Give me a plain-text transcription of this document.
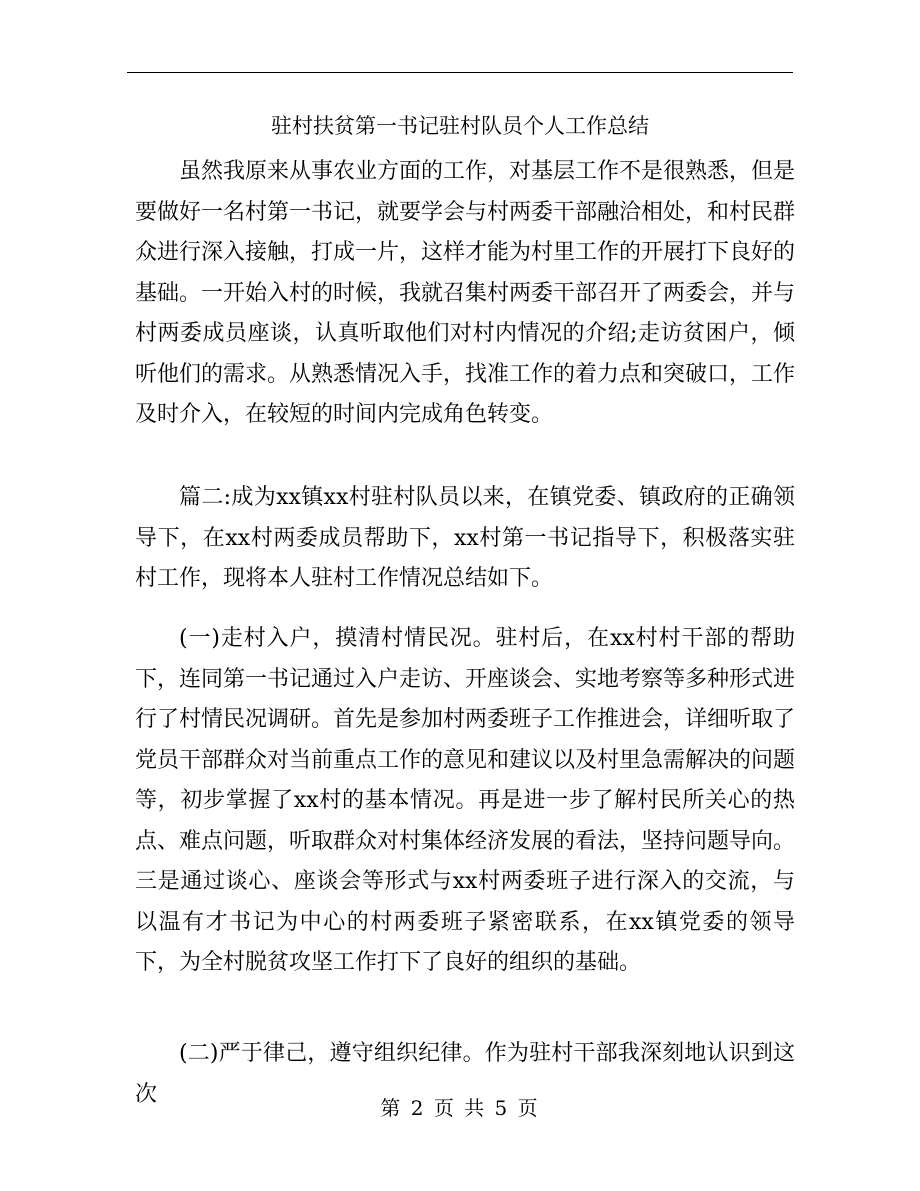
驻村扶贫第一书记驻村队员个人工作总结

虽然我原来从事农业方面的工作，对基层工作不是很熟悉，但是要做好一名村第一书记，就要学会与村两委干部融洽相处，和村民群众进行深入接触，打成一片，这样才能为村里工作的开展打下良好的基础。一开始入村的时候，我就召集村两委干部召开了两委会，并与村两委成员座谈，认真听取他们对村内情况的介绍;走访贫困户，倾听他们的需求。从熟悉情况入手，找准工作的着力点和突破口，工作及时介入，在较短的时间内完成角色转变。

篇二:成为xx镇xx村驻村队员以来，在镇党委、镇政府的正确领导下，在xx村两委成员帮助下，xx村第一书记指导下，积极落实驻村工作，现将本人驻村工作情况总结如下。

(一)走村入户，摸清村情民况。驻村后，在xx村村干部的帮助下，连同第一书记通过入户走访、开座谈会、实地考察等多种形式进行了村情民况调研。首先是参加村两委班子工作推进会，详细听取了党员干部群众对当前重点工作的意见和建议以及村里急需解决的问题等，初步掌握了xx村的基本情况。再是进一步了解村民所关心的热点、难点问题，听取群众对村集体经济发展的看法，坚持问题导向。三是通过谈心、座谈会等形式与xx村两委班子进行深入的交流，与以温有才书记为中心的村两委班子紧密联系，在xx镇党委的领导下，为全村脱贫攻坚工作打下了良好的组织的基础。

(二)严于律己，遵守组织纪律。作为驻村干部我深刻地认识到这次

第 2 页 共 5 页
